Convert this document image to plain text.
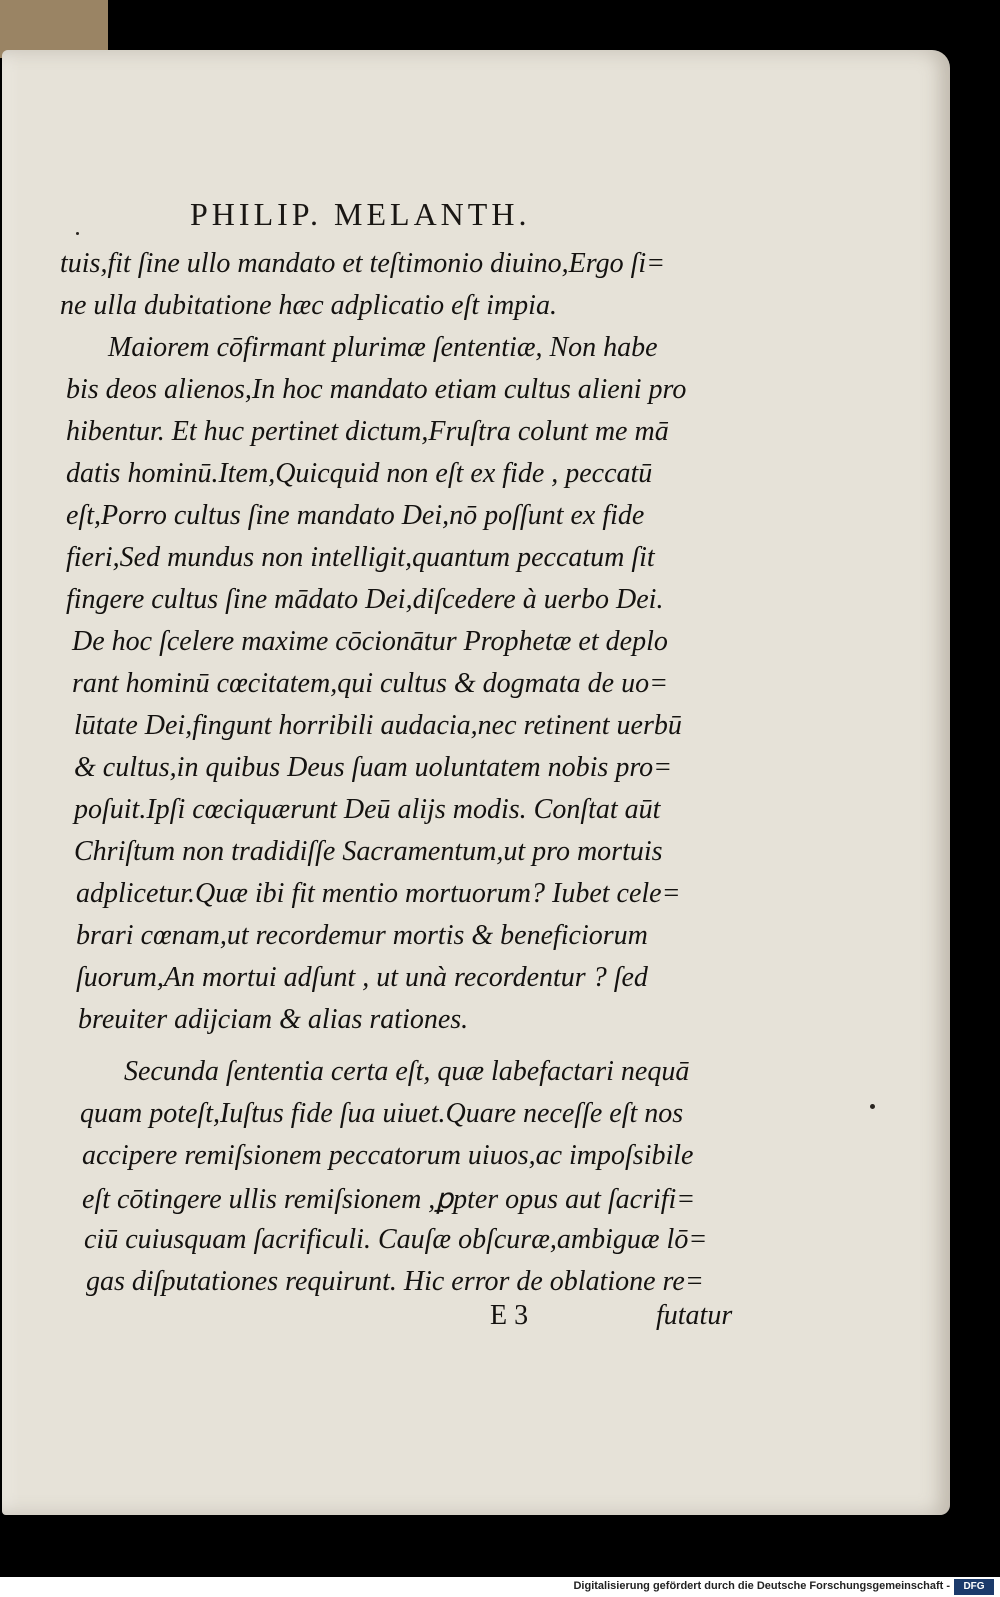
PHILIP. MELANTH.
tuis,fit ſine ullo mandato et teſtimonio diuino,Ergo ſi=
ne ulla dubitatione hæc adplicatio eſt impia.
Maiorem cōfirmant plurimæ ſententiæ, Non habe
bis deos alienos,In hoc mandato etiam cultus alieni pro
hibentur. Et huc pertinet dictum,Fruſtra colunt me mā
datis hominū.Item,Quicquid non eſt ex fide , peccatū
eſt,Porro cultus ſine mandato Dei,nō poſſunt ex fide
fieri,Sed mundus non intelligit,quantum peccatum ſit
fingere cultus ſine mādato Dei,diſcedere à uerbo Dei.
De hoc ſcelere maxime cōcionātur Prophetæ et deplo
rant hominū cœcitatem,qui cultus & dogmata de uo=
lūtate Dei,fingunt horribili audacia,nec retinent uerbū
& cultus,in quibus Deus ſuam uoluntatem nobis pro=
poſuit.Ipſi cœciquærunt Deū alijs modis. Conſtat aūt
Chriſtum non tradidiſſe Sacramentum,ut pro mortuis
adplicetur.Quæ ibi fit mentio mortuorum? Iubet cele=
brari cœnam,ut recordemur mortis & beneficiorum
ſuorum,An mortui adſunt , ut unà recordentur ? ſed
breuiter adijciam & alias rationes.
Secunda ſententia certa eſt, quæ labefactari nequā
quam poteſt,Iuſtus fide ſua uiuet.Quare neceſſe eſt nos
accipere remiſsionem peccatorum uiuos,ac impoſsibile
eſt cōtingere ullis remiſsionem ,ꝑpter opus aut ſacrifi=
ciū cuiusquam ſacrificuli. Cauſæ obſcuræ,ambiguæ lō=
gas diſputationes requirunt. Hic error de oblatione re=
E 3	futatur
Digitalisierung gefördert durch die Deutsche Forschungsgemeinschaft -	DFG
